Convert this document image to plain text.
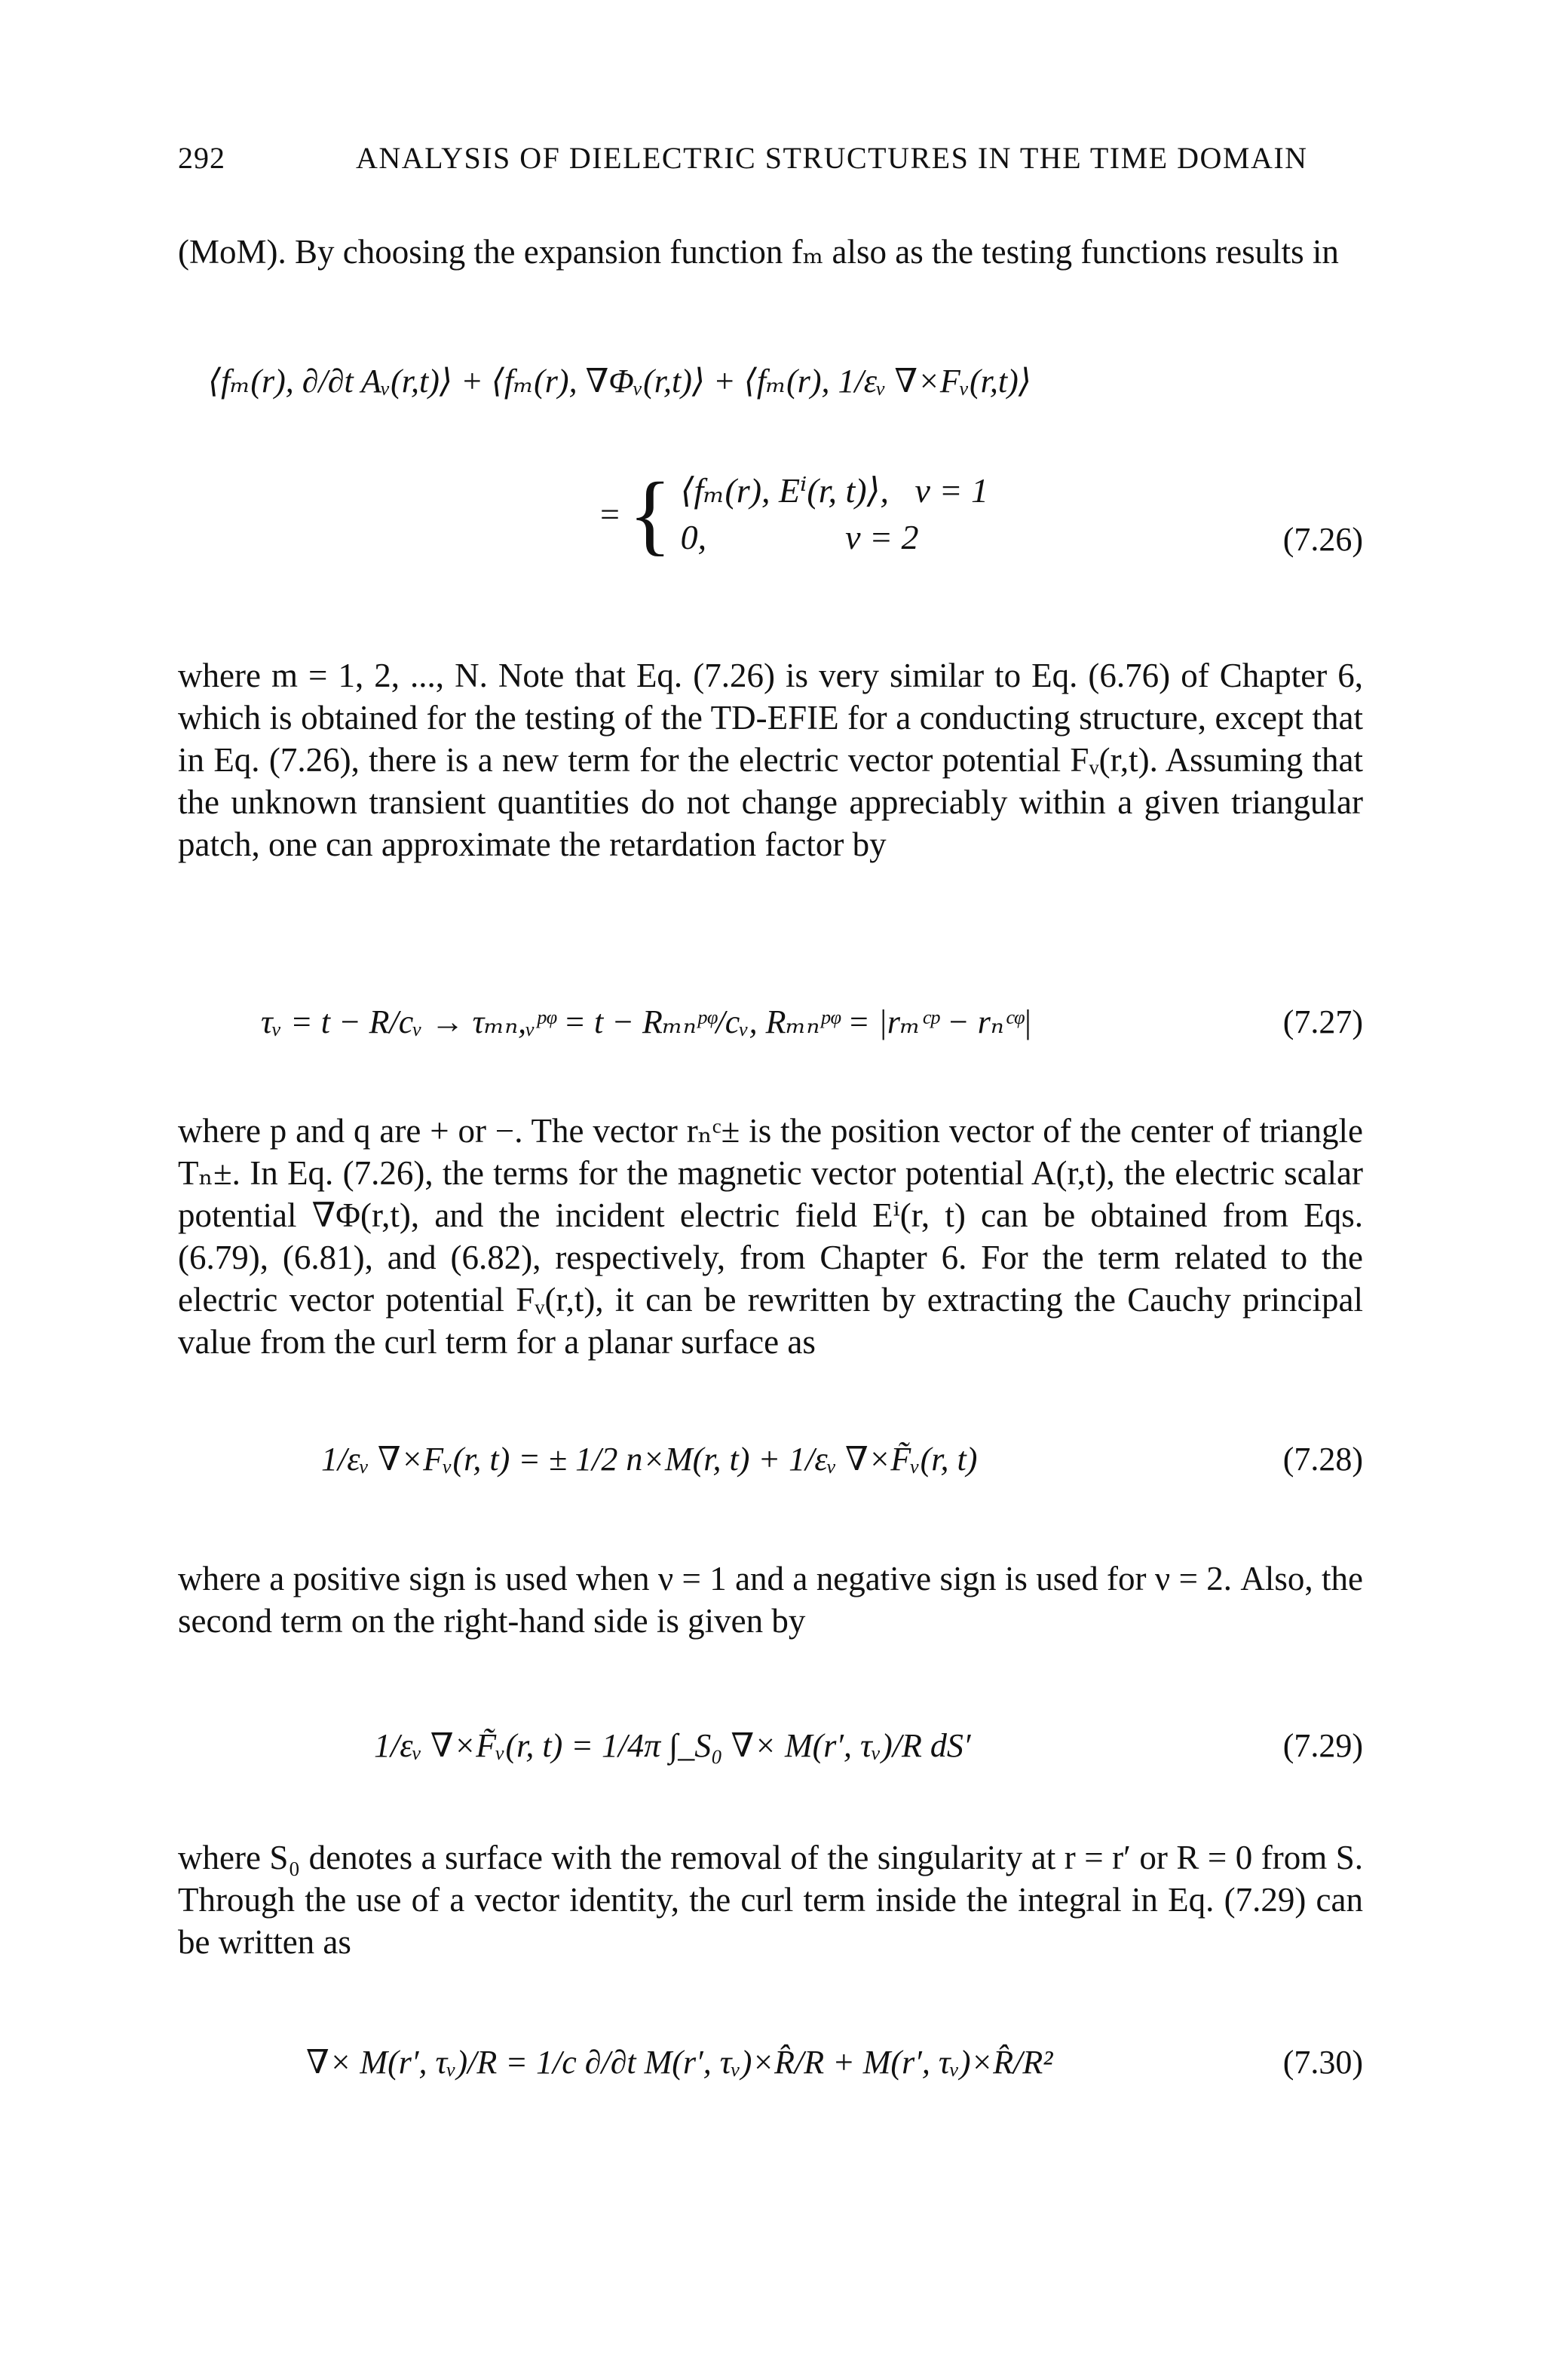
292	ANALYSIS OF DIELECTRIC STRUCTURES IN THE TIME DOMAIN
(MoM). By choosing the expansion function fₘ also as the testing functions results in
⟨fₘ(r), ∂/∂t Aᵥ(r,t)⟩ + ⟨fₘ(r), ∇Φᵥ(r,t)⟩ + ⟨fₘ(r), 1/εᵥ ∇×Fᵥ(r,t)⟩
= { ⟨fₘ(r), Eⁱ(r, t)⟩,   ν = 1
0,                ν = 2	(7.26)
where m = 1, 2, ..., N. Note that Eq. (7.26) is very similar to Eq. (6.76) of Chapter 6, which is obtained for the testing of the TD-EFIE for a conducting structure, except that in Eq. (7.26), there is a new term for the electric vector potential Fᵥ(r,t). Assuming that the unknown transient quantities do not change appreciably within a given triangular patch, one can approximate the retardation factor by
τᵥ = t − R/cᵥ → τₘₙ,ᵥᵖᵠ = t − Rₘₙᵖᵠ/cᵥ, Rₘₙᵖᵠ = |rₘᶜᵖ − rₙᶜᵠ|	(7.27)
where p and q are + or −. The vector rₙᶜ± is the position vector of the center of triangle Tₙ±. In Eq. (7.26), the terms for the magnetic vector potential A(r,t), the electric scalar potential ∇Φ(r,t), and the incident electric field Eⁱ(r, t) can be obtained from Eqs. (6.79), (6.81), and (6.82), respectively, from Chapter 6. For the term related to the electric vector potential Fᵥ(r,t), it can be rewritten by extracting the Cauchy principal value from the curl term for a planar surface as
1/εᵥ ∇×Fᵥ(r, t) = ± 1/2 n×M(r, t) + 1/εᵥ ∇×F̃ᵥ(r, t)	(7.28)
where a positive sign is used when ν = 1 and a negative sign is used for ν = 2. Also, the second term on the right-hand side is given by
1/εᵥ ∇×F̃ᵥ(r, t) = 1/4π ∫_S₀ ∇× M(r′, τᵥ)/R dS′	(7.29)
where S₀ denotes a surface with the removal of the singularity at r = r′ or R = 0 from S. Through the use of a vector identity, the curl term inside the integral in Eq. (7.29) can be written as
∇× M(r′, τᵥ)/R = 1/c ∂/∂t M(r′, τᵥ)×R̂/R + M(r′, τᵥ)×R̂/R²	(7.30)
